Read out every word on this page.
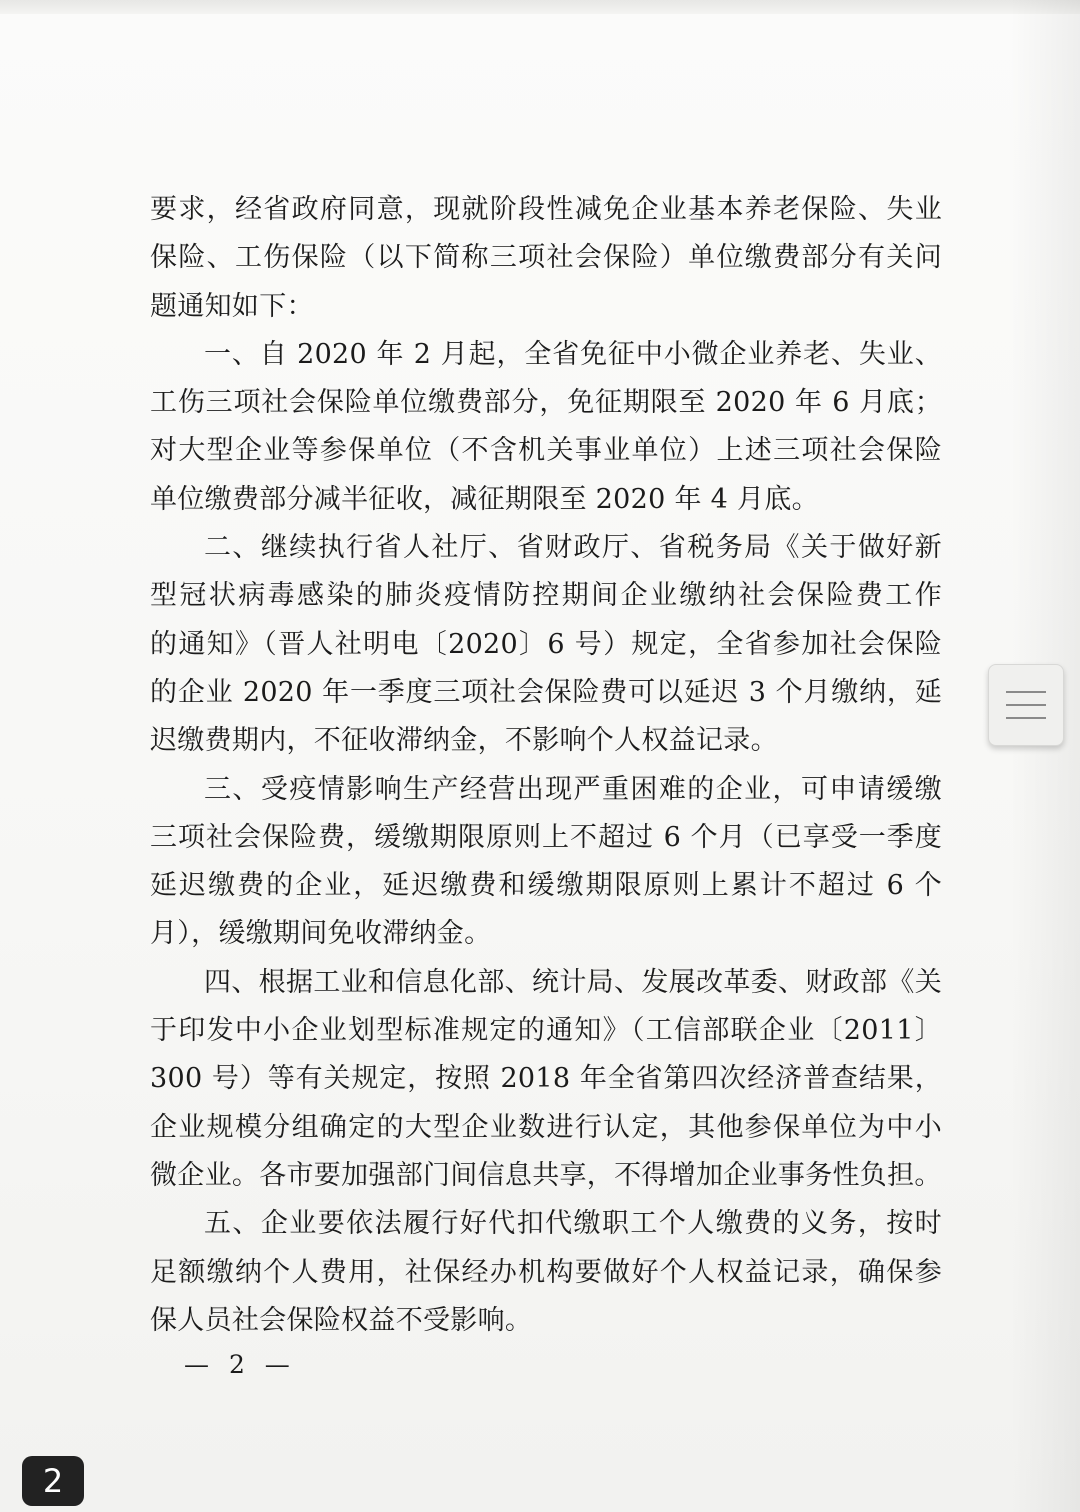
要求，经省政府同意，现就阶段性减免企业基本养老保险、失业
保险、工伤保险（以下简称三项社会保险）单位缴费部分有关问
题通知如下：
一、自 2020 年 2 月起，全省免征中小微企业养老、失业、
工伤三项社会保险单位缴费部分，免征期限至 2020 年 6 月底；
对大型企业等参保单位（不含机关事业单位）上述三项社会保险
单位缴费部分减半征收，减征期限至 2020 年 4 月底。
二、继续执行省人社厅、省财政厅、省税务局《关于做好新
型冠状病毒感染的肺炎疫情防控期间企业缴纳社会保险费工作
的通知》（晋人社明电〔2020〕6 号）规定，全省参加社会保险
的企业 2020 年一季度三项社会保险费可以延迟 3 个月缴纳，延
迟缴费期内，不征收滞纳金，不影响个人权益记录。
三、受疫情影响生产经营出现严重困难的企业，可申请缓缴
三项社会保险费，缓缴期限原则上不超过 6 个月（已享受一季度
延迟缴费的企业，延迟缴费和缓缴期限原则上累计不超过 6 个
月），缓缴期间免收滞纳金。
四、根据工业和信息化部、统计局、发展改革委、财政部《关
于印发中小企业划型标准规定的通知》（工信部联企业〔2011〕
300 号）等有关规定，按照 2018 年全省第四次经济普查结果，
企业规模分组确定的大型企业数进行认定，其他参保单位为中小
微企业。各市要加强部门间信息共享，不得增加企业事务性负担。
五、企业要依法履行好代扣代缴职工个人缴费的义务，按时
足额缴纳个人费用，社保经办机构要做好个人权益记录，确保参
保人员社会保险权益不受影响。
— 2 —
2
